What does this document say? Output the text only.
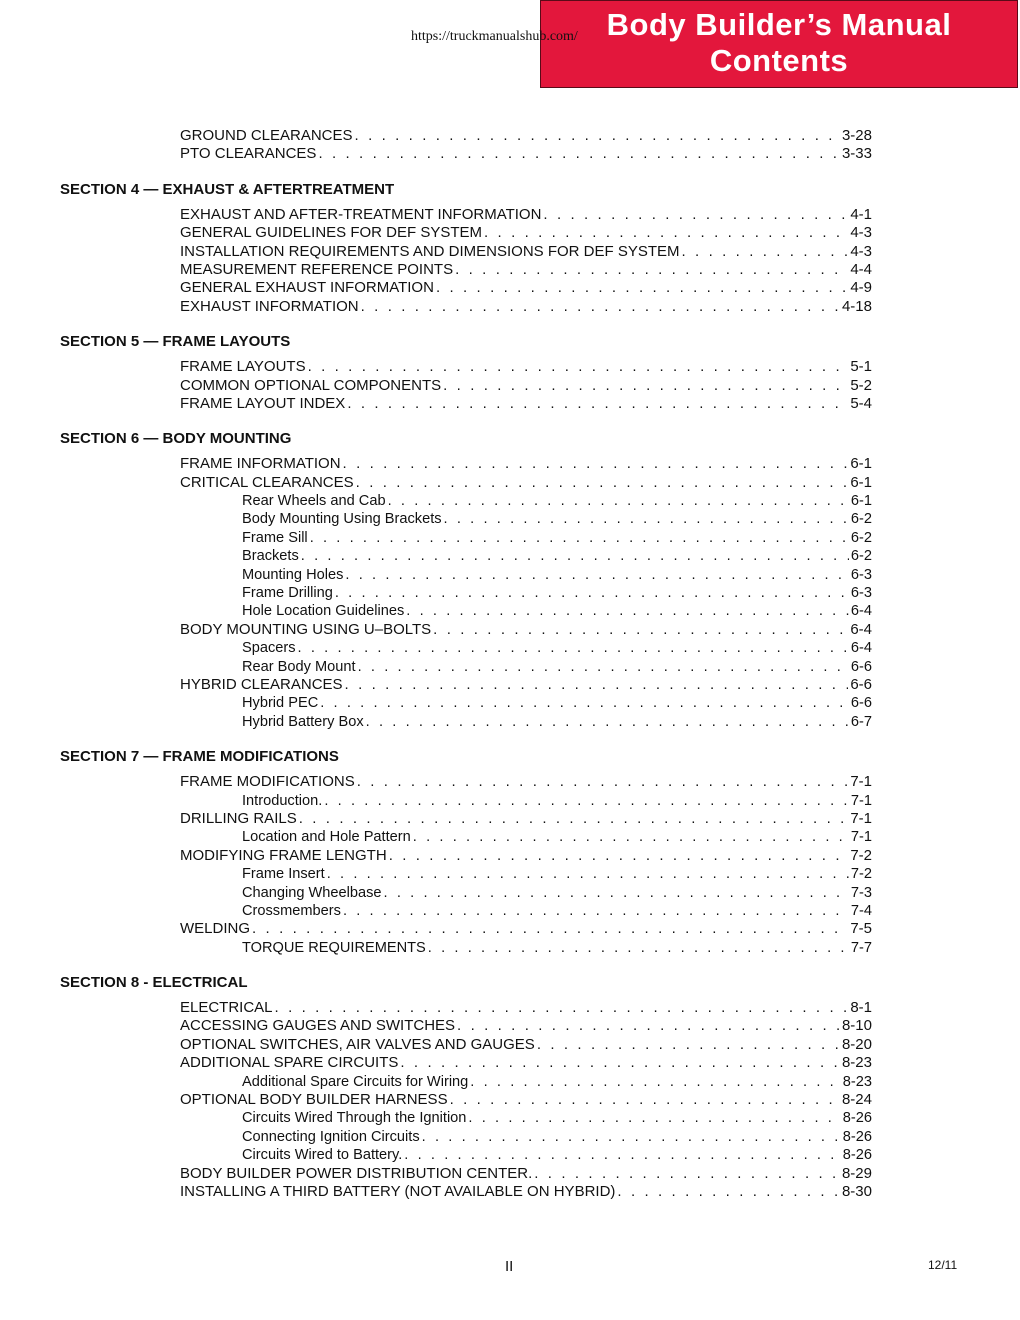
https://truckmanualshub.com/ Body Builder’s Manual
Contents
GROUND CLEARANCES . . .	3-28
PTO CLEARANCES . . .	3-33
SECTION 4 — EXHAUST & AFTERTREATMENT
EXHAUST AND AFTER-TREATMENT INFORMATION . . .	4-1
GENERAL GUIDELINES FOR DEF SYSTEM . . .	4-3
INSTALLATION REQUIREMENTS AND DIMENSIONS FOR DEF SYSTEM . . .	4-3
MEASUREMENT REFERENCE POINTS . . .	4-4
GENERAL EXHAUST INFORMATION . . .	4-9
EXHAUST INFORMATION . . .	4-18
SECTION 5 — FRAME LAYOUTS
FRAME LAYOUTS . . .	5-1
COMMON OPTIONAL COMPONENTS . . .	5-2
FRAME LAYOUT INDEX . . .	5-4
SECTION 6 — BODY MOUNTING
FRAME INFORMATION . . .	6-1
CRITICAL CLEARANCES . . .	6-1
Rear Wheels and Cab . . .	6-1
Body Mounting Using Brackets . . .	6-2
Frame Sill . . .	6-2
Brackets . . .	6-2
Mounting Holes . . .	6-3
Frame Drilling . . .	6-3
Hole Location Guidelines . . .	6-4
BODY MOUNTING USING U–BOLTS . . .	6-4
Spacers . . .	6-4
Rear Body Mount . . .	6-6
HYBRID CLEARANCES . . .	6-6
Hybrid PEC . . .	6-6
Hybrid Battery Box . . .	6-7
SECTION 7 — FRAME MODIFICATIONS
FRAME MODIFICATIONS . . .	7-1
Introduction. . . .	7-1
DRILLING RAILS . . .	7-1
Location and Hole Pattern . . .	7-1
MODIFYING FRAME LENGTH . . .	7-2
Frame Insert . . .	7-2
Changing Wheelbase . . .	7-3
Crossmembers . . .	7-4
WELDING . . .	7-5
TORQUE REQUIREMENTS . . .	7-7
SECTION 8 - ELECTRICAL
ELECTRICAL . . .	8-1
ACCESSING GAUGES AND SWITCHES . . .	8-10
OPTIONAL SWITCHES, AIR VALVES AND GAUGES . . .	8-20
ADDITIONAL SPARE CIRCUITS . . .	8-23
Additional Spare Circuits for Wiring . . .	8-23
OPTIONAL BODY BUILDER HARNESS . . .	8-24
Circuits Wired Through the Ignition . . .	8-26
Connecting Ignition Circuits . . .	8-26
Circuits Wired to Battery. . . .	8-26
BODY BUILDER POWER DISTRIBUTION CENTER. . . .	8-29
INSTALLING A THIRD BATTERY (NOT AVAILABLE ON HYBRID) . . .	8-30
II	12/11
